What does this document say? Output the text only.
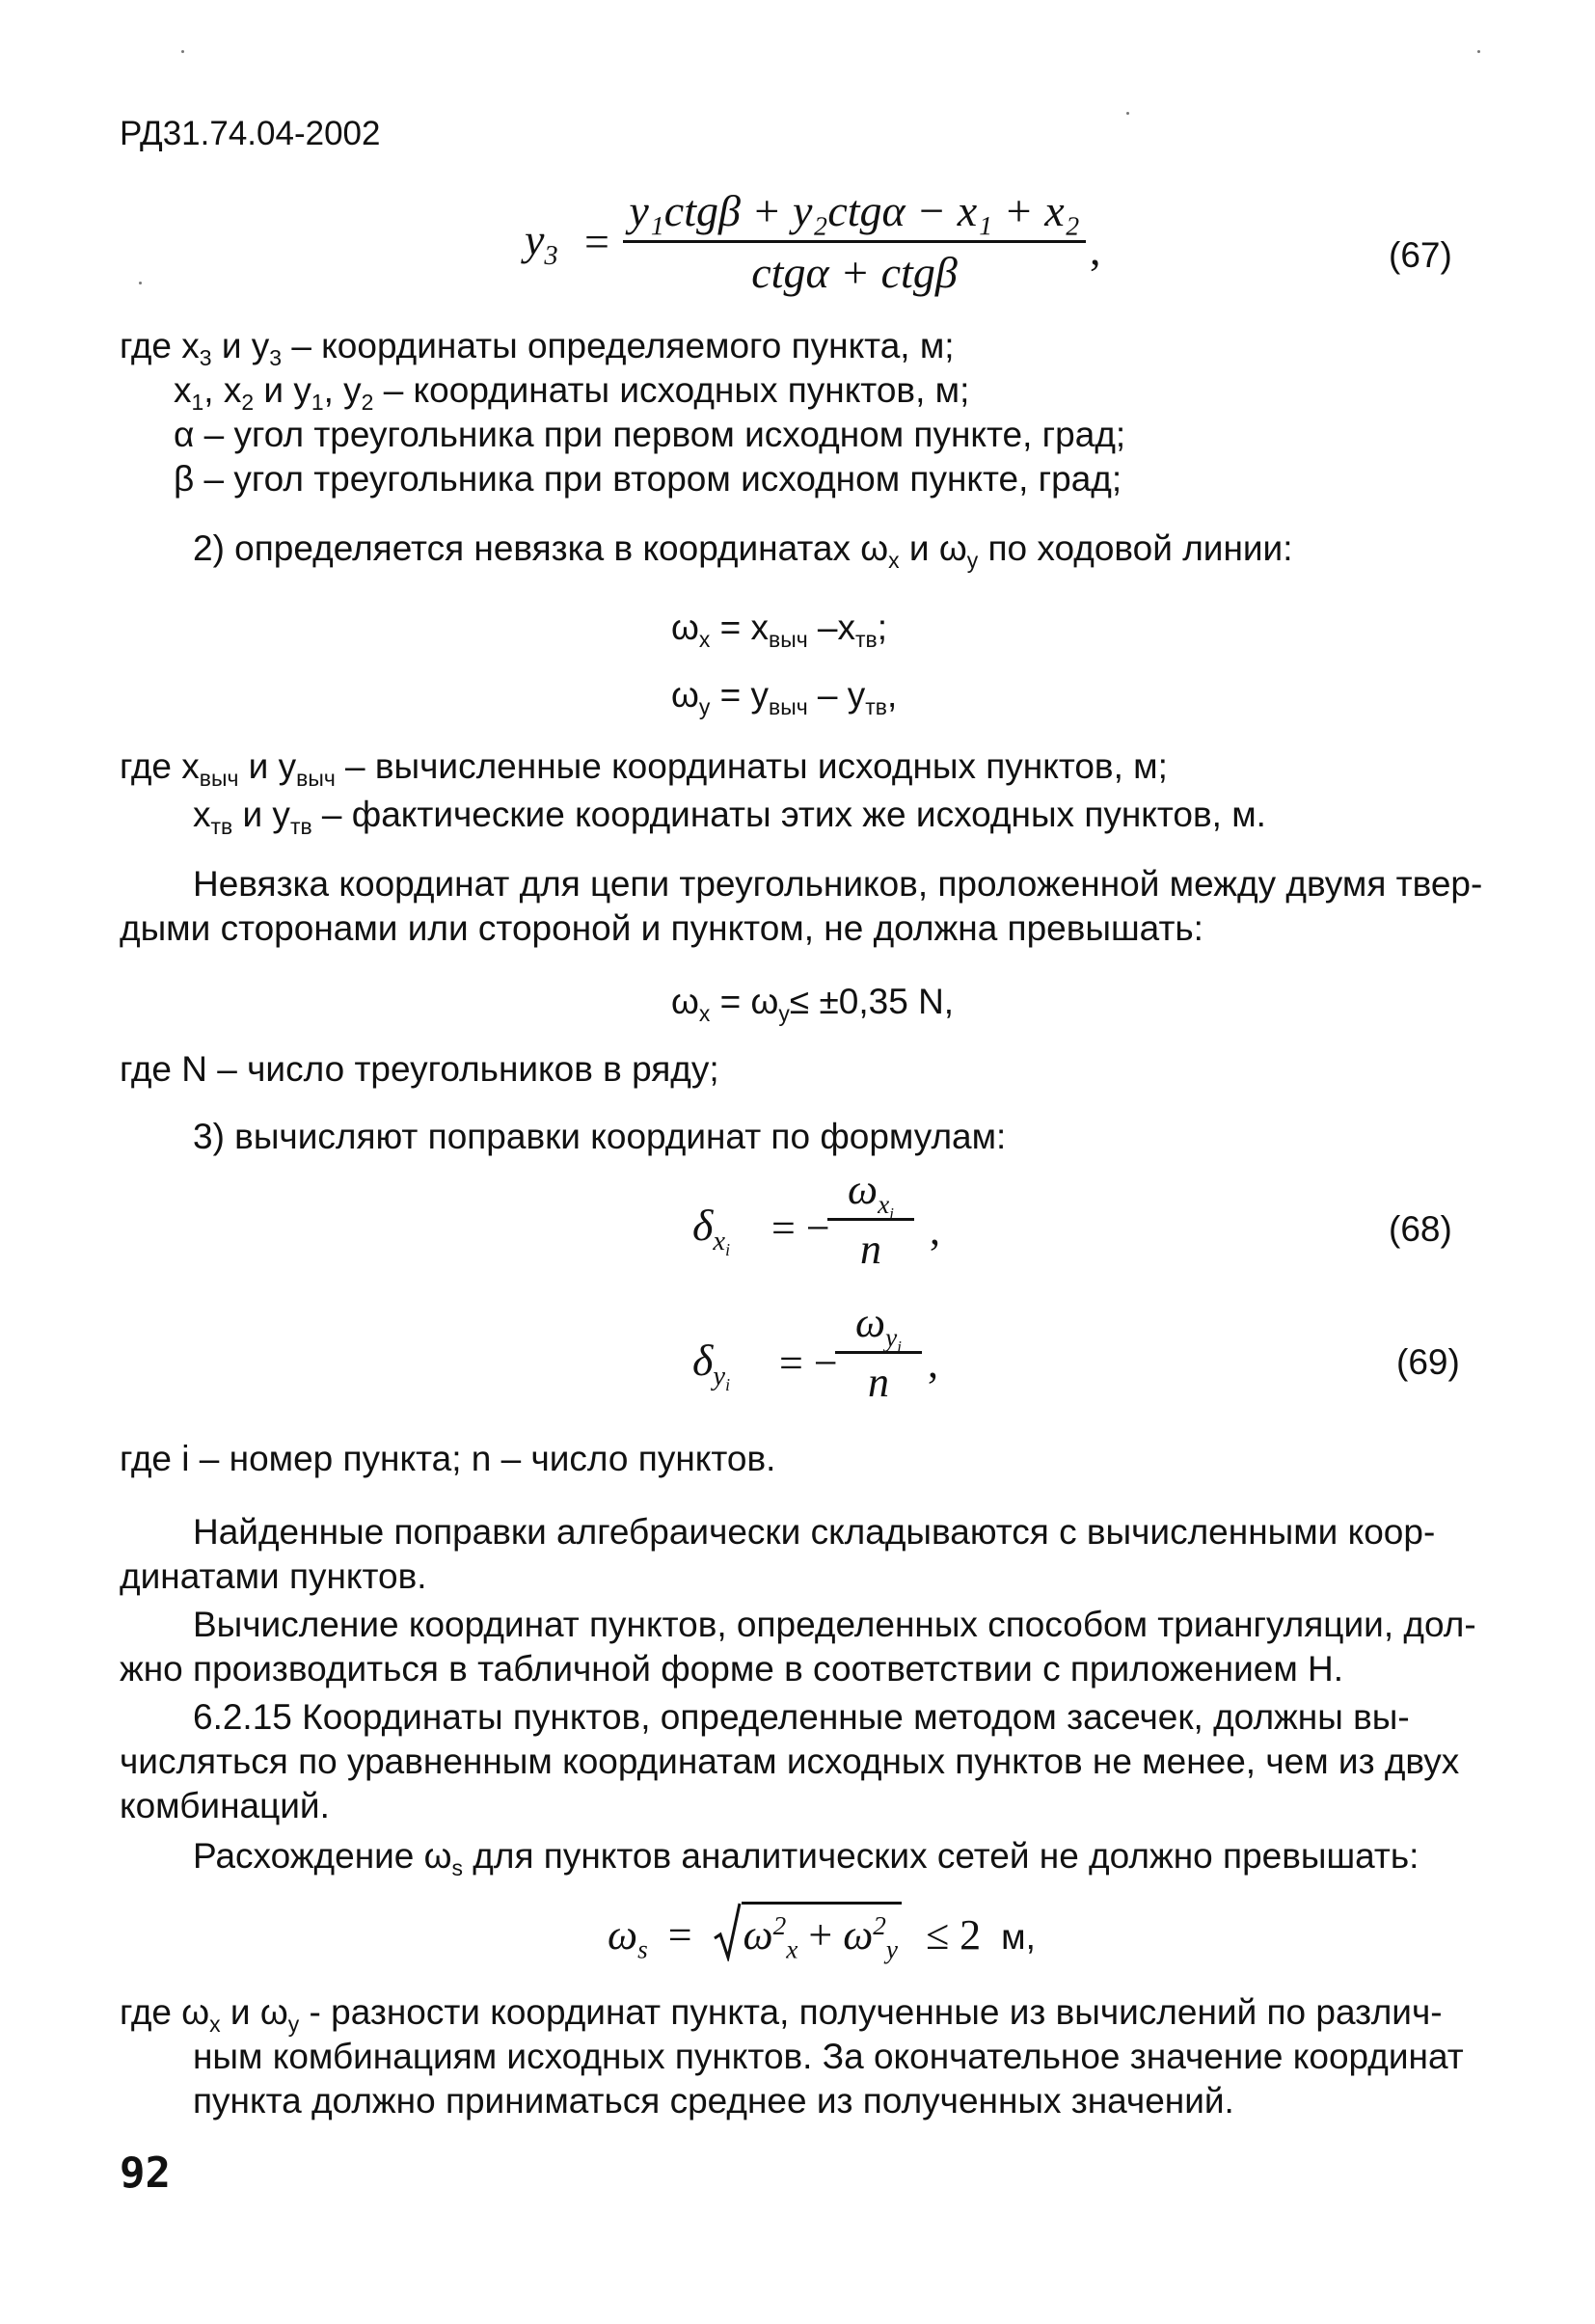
РД31.74.04-2002
$y_3$ =
y₁ctgβ + y₂ctgα − x₁ + x₂
ctgα + ctgβ	,	(67)
где $x_3$ и $y_3$ – координаты определяемого пункта, м;
$x_1$, $x_2$ и $y_1$, $y_2$ – координаты исходных пунктов, м;
α – угол треугольника при первом исходном пункте, град;
β – угол треугольника при втором исходном пункте, град;
2) определяется невязка в координатах $\omega_x$ и $\omega_y$ по ходовой линии:
$\omega_x = x_{выч}$ $-x_{тв}$;
$\omega_y = y_{выч} - y_{тв}$,
где $x_{выч}$ и $y_{выч}$ – вычисленные координаты исходных пунктов, м;
$x_{тв}$ и $y_{тв}$ – фактические координаты этих же исходных пунктов, м.
Невязка координат для цепи треугольников, проложенной между двумя твер-
дыми сторонами или стороной и пунктом, не должна превышать:
$\omega_x = \omega_y\le \pm 0,35$ N,
где N – число треугольников в ряду;
3) вычисляют поправки координат по формулам:
$\delta_{x_i}$ = −
$\omega_{x_i}$
n	,	(68)
$\delta_{y_i}$ = −
$\omega_{y_i}$
n ,	(69)
где i – номер пункта; n – число пунктов.
Найденные поправки алгебраически складываются с вычисленными коор-
динатами пунктов.
Вычисление координат пунктов, определенных способом триангуляции, дол-
жно производиться в табличной форме в соответствии с приложением Н.
6.2.15 Координаты пунктов, определенные методом засечек, должны вы-
числяться по уравненным координатам исходных пунктов не менее, чем из двух
комбинаций.
Расхождение $\omega_s$ для пунктов аналитических сетей не должно превышать:
$\omega_s = \omega^2_x + \omega^2_y \le 2$ м,
где $\omega_x$ и $\omega_y$ - разности координат пункта, полученные из вычислений по различ-
ным комбинациям исходных пунктов. За окончательное значение координат
пункта должно приниматься среднее из полученных значений.
92
